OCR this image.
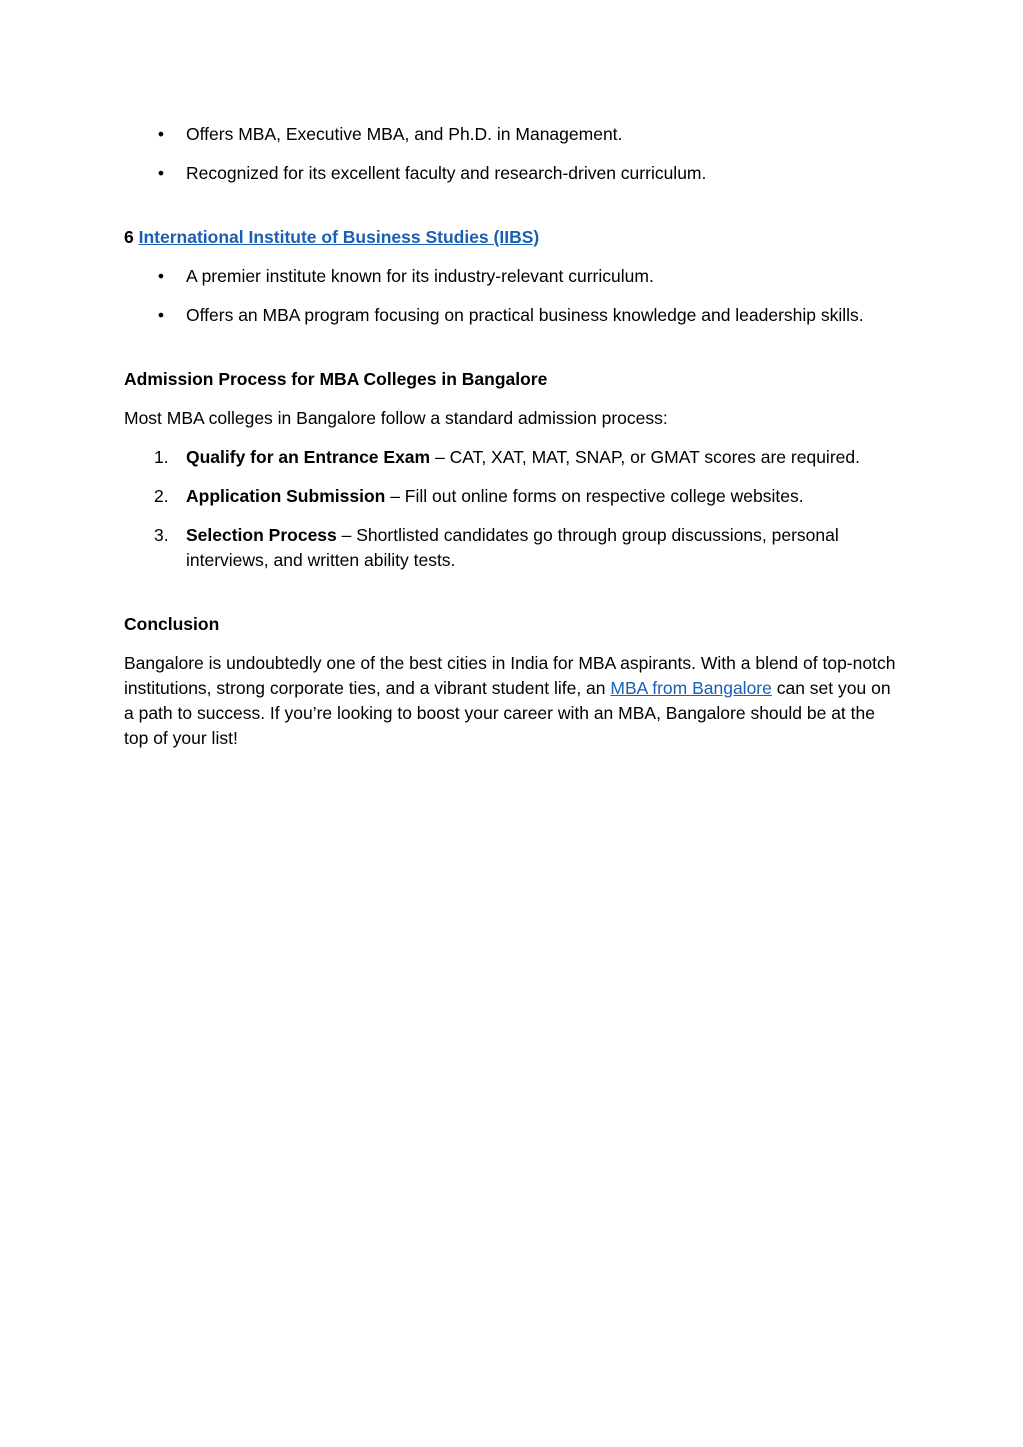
• Offers MBA, Executive MBA, and Ph.D. in Management.
• Recognized for its excellent faculty and research-driven curriculum.

6 International Institute of Business Studies (IIBS)

• A premier institute known for its industry-relevant curriculum.
• Offers an MBA program focusing on practical business knowledge and leadership skills.

Admission Process for MBA Colleges in Bangalore

Most MBA colleges in Bangalore follow a standard admission process:

1. Qualify for an Entrance Exam – CAT, XAT, MAT, SNAP, or GMAT scores are required.
2. Application Submission – Fill out online forms on respective college websites.
3. Selection Process – Shortlisted candidates go through group discussions, personal interviews, and written ability tests.

Conclusion

Bangalore is undoubtedly one of the best cities in India for MBA aspirants. With a blend of top-notch institutions, strong corporate ties, and a vibrant student life, an MBA from Bangalore can set you on a path to success. If you’re looking to boost your career with an MBA, Bangalore should be at the top of your list!
